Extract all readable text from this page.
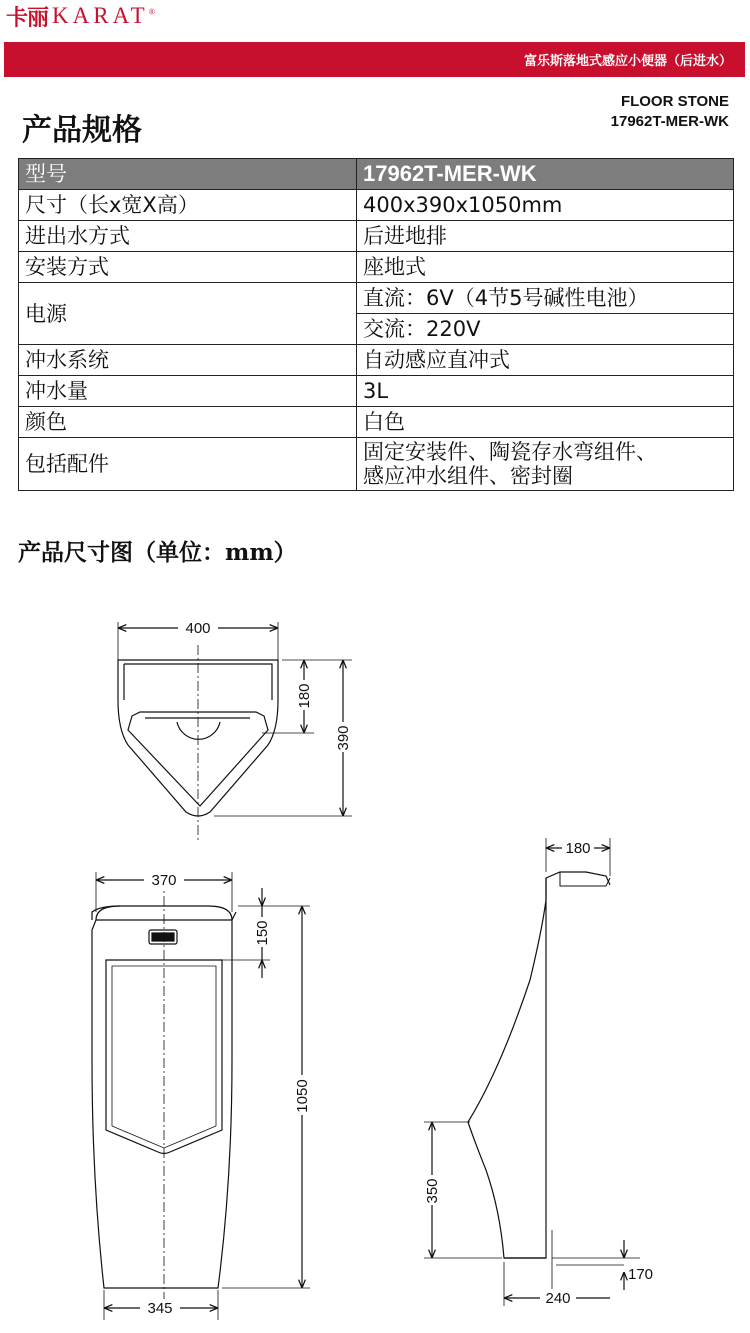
卡丽 KARAT®
富乐斯落地式感应小便器（后进水）
产品规格
FLOOR STONE
17962T-MER-WK
型号	17962T-MER-WK
尺寸（长x宽X高）	400x390x1050mm
进出水方式	后进地排
安装方式	座地式
电源	直流：6V（4节5号碱性电池）
	交流：220V
冲水系统	自动感应直冲式
冲水量	3L
颜色	白色
包括配件	固定安装件、陶瓷存水弯组件、
感应冲水组件、密封圈
产品尺寸图（单位：mm）
400
180
390
370
150
1050
345
180
350
170
240
